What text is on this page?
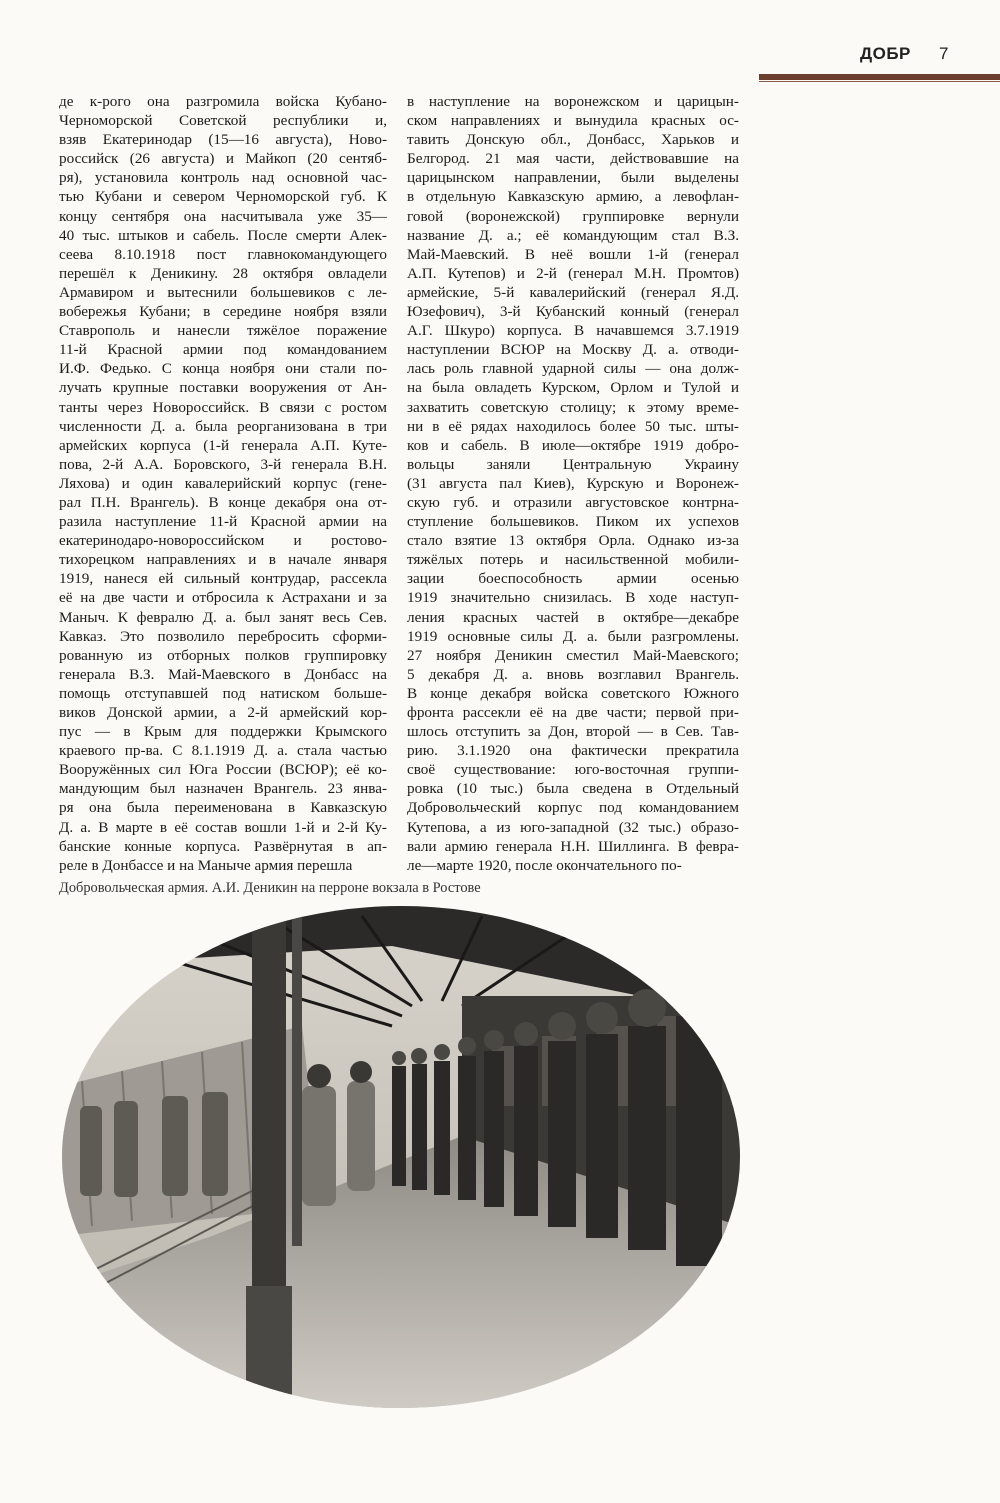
ДОБР 7
де к-рого она разгромила войска Кубано-
Черноморской Советской республики и,
взяв Екатеринодар (15—16 августа), Ново-
российск (26 августа) и Майкоп (20 сентяб-
ря), установила контроль над основной час-
тью Кубани и севером Черноморской губ. К
концу сентября она насчитывала уже 35—
40 тыс. штыков и сабель. После смерти Алек-
сеева 8.10.1918 пост главнокомандующего
перешёл к Деникину. 28 октября овладели
Армавиром и вытеснили большевиков с ле-
вобережья Кубани; в середине ноября взяли
Ставрополь и нанесли тяжёлое поражение
11-й Красной армии под командованием
И.Ф. Федько. С конца ноября они стали по-
лучать крупные поставки вооружения от Ан-
танты через Новороссийск. В связи с ростом
численности Д. а. была реорганизована в три
армейских корпуса (1-й генерала А.П. Куте-
пова, 2-й А.А. Боровского, 3-й генерала В.Н.
Ляхова) и один кавалерийский корпус (гене-
рал П.Н. Врангель). В конце декабря она от-
разила наступление 11-й Красной армии на
екатеринодаро-новороссийском и ростово-
тихорецком направлениях и в начале января
1919, нанеся ей сильный контрудар, рассекла
её на две части и отбросила к Астрахани и за
Маныч. К февралю Д. а. был занят весь Сев.
Кавказ. Это позволило перебросить сформи-
рованную из отборных полков группировку
генерала В.З. Май-Маевского в Донбасс на
помощь отступавшей под натиском больше-
виков Донской армии, а 2-й армейский кор-
пус — в Крым для поддержки Крымского
краевого пр-ва. С 8.1.1919 Д. а. стала частью
Вооружённых сил Юга России (ВСЮР); её ко-
мандующим был назначен Врангель. 23 янва-
ря она была переименована в Кавказскую
Д. а. В марте в её состав вошли 1-й и 2-й Ку-
банские конные корпуса. Развёрнутая в ап-
реле в Донбассе и на Маныче армия перешла
в наступление на воронежском и царицын-
ском направлениях и вынудила красных ос-
тавить Донскую обл., Донбасс, Харьков и
Белгород. 21 мая части, действовавшие на
царицынском направлении, были выделены
в отдельную Кавказскую армию, а левофлан-
говой (воронежской) группировке вернули
название Д. а.; её командующим стал В.З.
Май-Маевский. В неё вошли 1-й (генерал
А.П. Кутепов) и 2-й (генерал М.Н. Промтов)
армейские, 5-й кавалерийский (генерал Я.Д.
Юзефович), 3-й Кубанский конный (генерал
А.Г. Шкуро) корпуса. В начавшемся 3.7.1919
наступлении ВСЮР на Москву Д. а. отводи-
лась роль главной ударной силы — она долж-
на была овладеть Курском, Орлом и Тулой и
захватить советскую столицу; к этому време-
ни в её рядах находилось более 50 тыс. шты-
ков и сабель. В июле—октябре 1919 добро-
вольцы заняли Центральную Украину
(31 августа пал Киев), Курскую и Воронеж-
скую губ. и отразили августовское контрна-
ступление большевиков. Пиком их успехов
стало взятие 13 октября Орла. Однако из-за
тяжёлых потерь и насильственной мобили-
зации боеспособность армии осенью
1919 значительно снизилась. В ходе наступ-
ления красных частей в октябре—декабре
1919 основные силы Д. а. были разгромлены.
27 ноября Деникин сместил Май-Маевского;
5 декабря Д. а. вновь возглавил Врангель.
В конце декабря войска советского Южного
фронта рассекли её на две части; первой при-
шлось отступить за Дон, второй — в Сев. Тав-
рию. 3.1.1920 она фактически прекратила
своё существование: юго-восточная группи-
ровка (10 тыс.) была сведена в Отдельный
Добровольческий корпус под командованием
Кутепова, а из юго-западной (32 тыс.) образо-
вали армию генерала Н.Н. Шиллинга. В февра-
ле—марте 1920, после окончательного по-
Добровольческая армия. А.И. Деникин на перроне вокзала в Ростове
